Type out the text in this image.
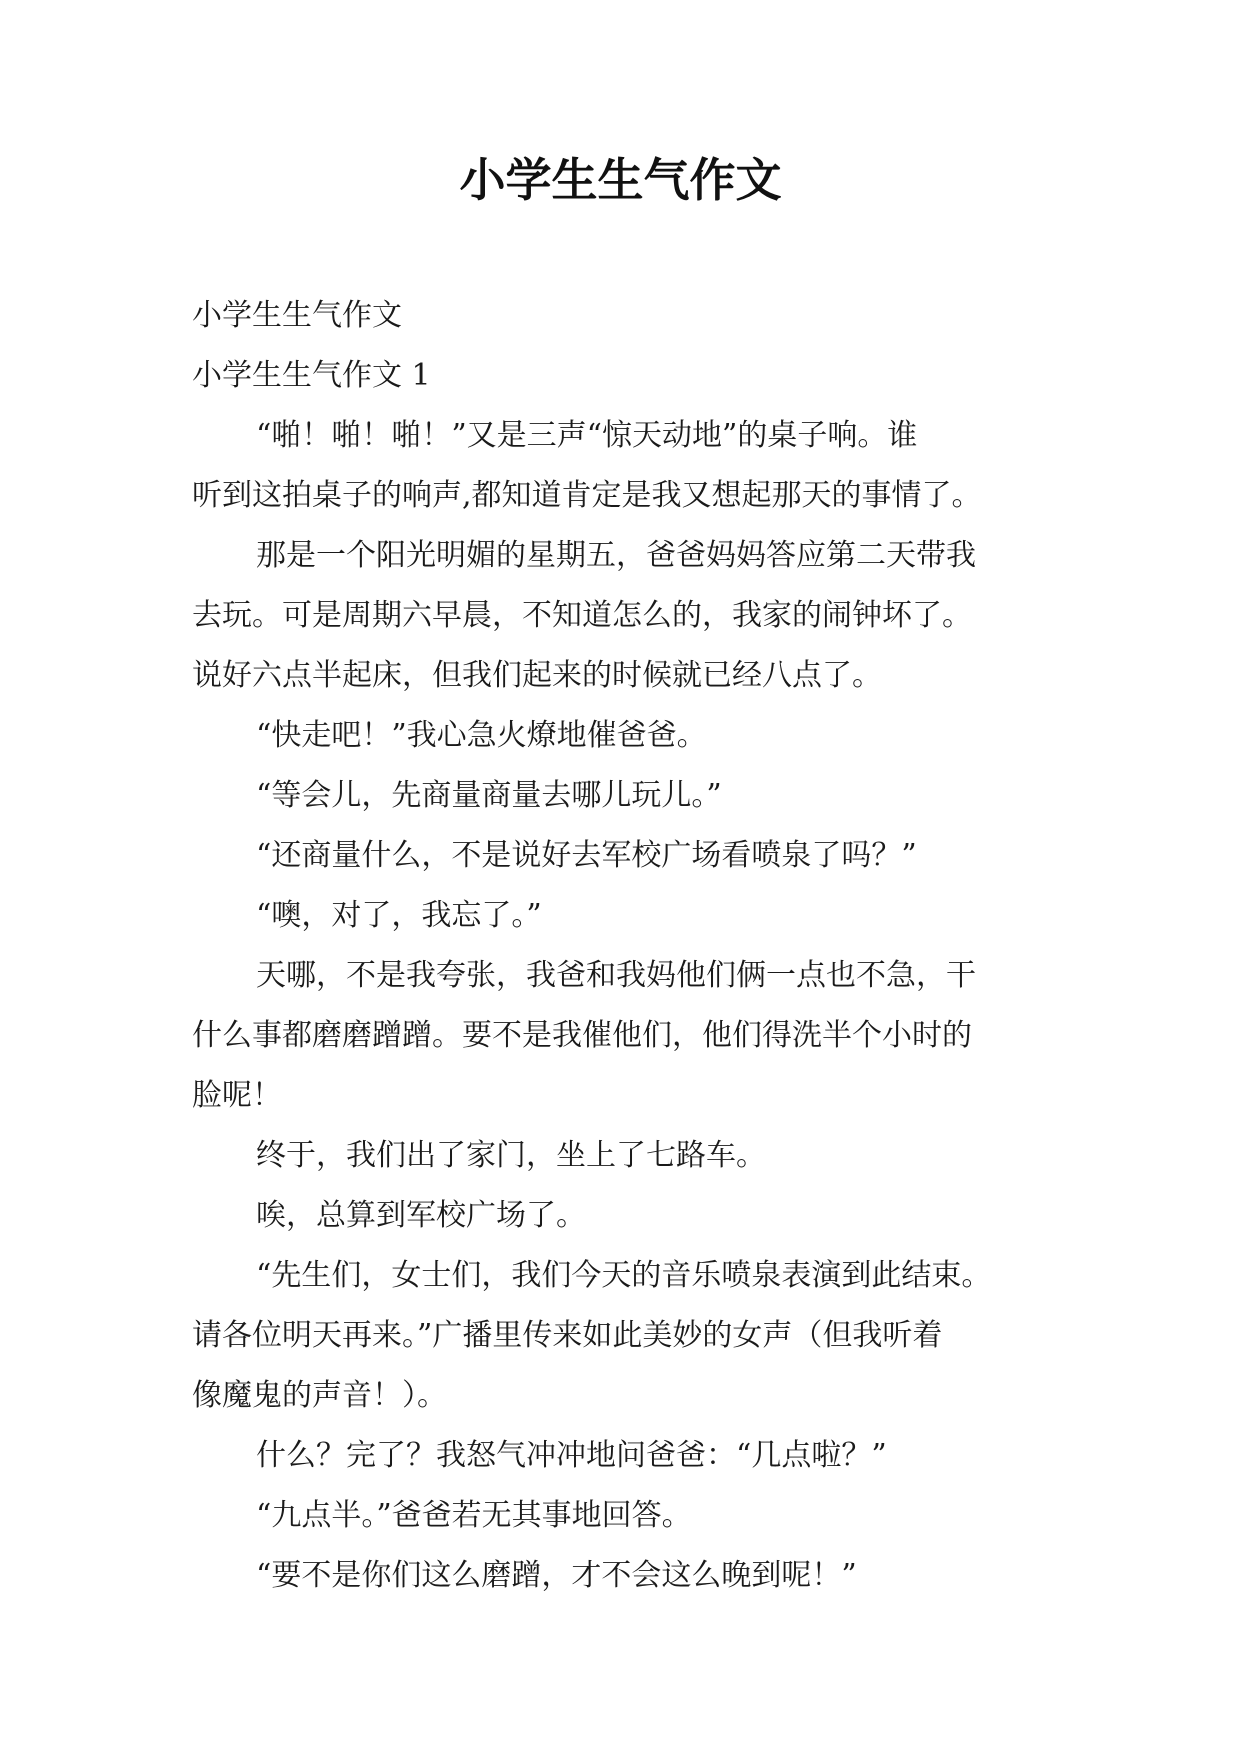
小学生生气作文

小学生生气作文

小学生生气作文 1

“啪！啪！啪！”又是三声“惊天动地”的桌子响。谁

听到这拍桌子的响声,都知道肯定是我又想起那天的事情了。

那是一个阳光明媚的星期五，爸爸妈妈答应第二天带我

去玩。可是周期六早晨，不知道怎么的，我家的闹钟坏了。

说好六点半起床，但我们起来的时候就已经八点了。

“快走吧！”我心急火燎地催爸爸。

“等会儿，先商量商量去哪儿玩儿。”

“还商量什么，不是说好去军校广场看喷泉了吗？”

“噢，对了，我忘了。”

天哪，不是我夸张，我爸和我妈他们俩一点也不急，干

什么事都磨磨蹭蹭。要不是我催他们，他们得洗半个小时的

脸呢！

终于，我们出了家门，坐上了七路车。

唉，总算到军校广场了。

“先生们，女士们，我们今天的音乐喷泉表演到此结束。

请各位明天再来。”广播里传来如此美妙的女声（但我听着

像魔鬼的声音！）。

什么？完了？我怒气冲冲地问爸爸：“几点啦？”

“九点半。”爸爸若无其事地回答。

“要不是你们这么磨蹭，才不会这么晚到呢！”
